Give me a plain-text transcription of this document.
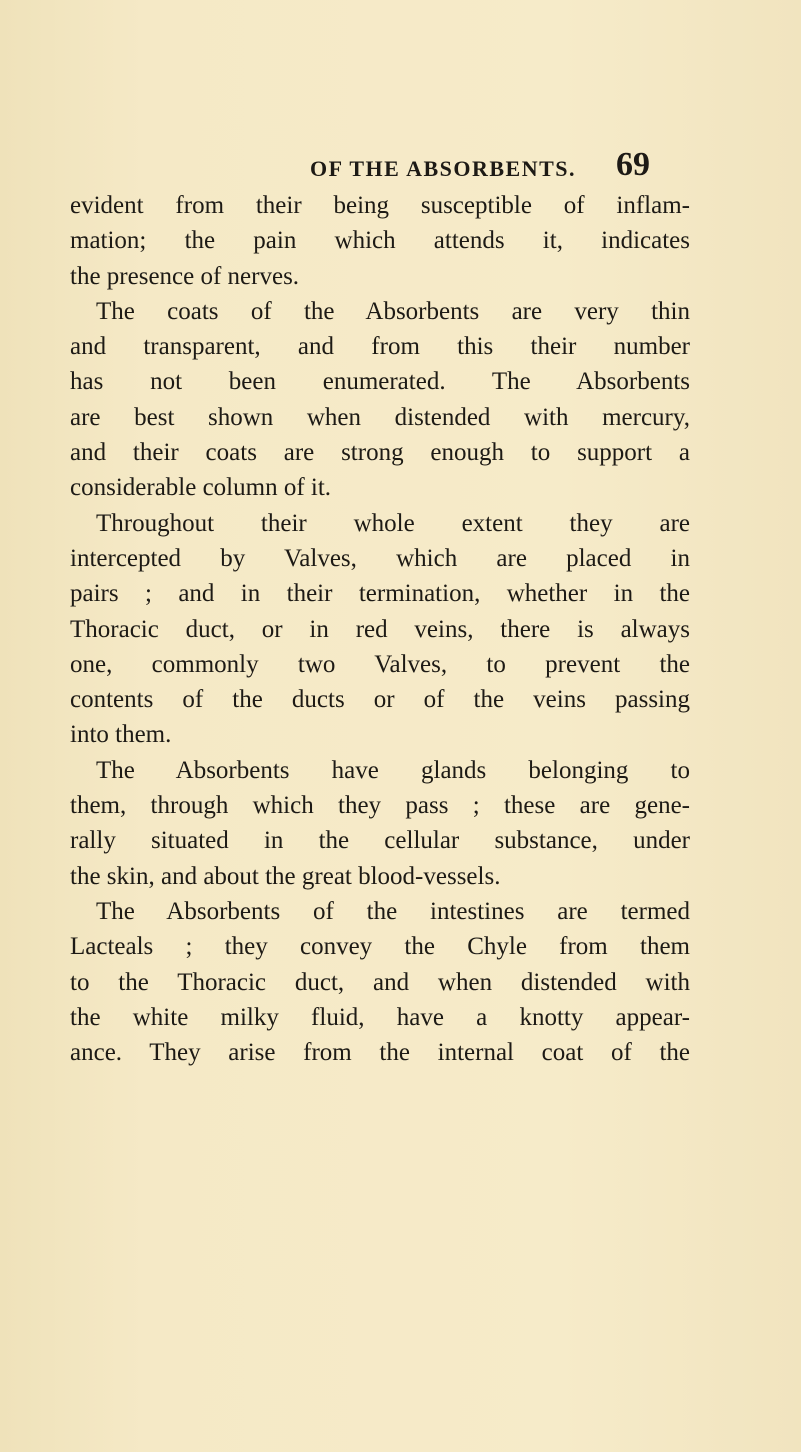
OF THE ABSORBENTS. 69
evident from their being susceptible of inflam-
mation; the pain which attends it, indicates
the presence of nerves.
The coats of the Absorbents are very thin
and transparent, and from this their number
has not been enumerated. The Absorbents
are best shown when distended with mercury,
and their coats are strong enough to support a
considerable column of it.
Throughout their whole extent they are
intercepted by Valves, which are placed in
pairs ; and in their termination, whether in the
Thoracic duct, or in red veins, there is always
one, commonly two Valves, to prevent the
contents of the ducts or of the veins passing
into them.
The Absorbents have glands belonging to
them, through which they pass ; these are gene-
rally situated in the cellular substance, under
the skin, and about the great blood-vessels.
The Absorbents of the intestines are termed
Lacteals ; they convey the Chyle from them
to the Thoracic duct, and when distended with
the white milky fluid, have a knotty appear-
ance. They arise from the internal coat of the
